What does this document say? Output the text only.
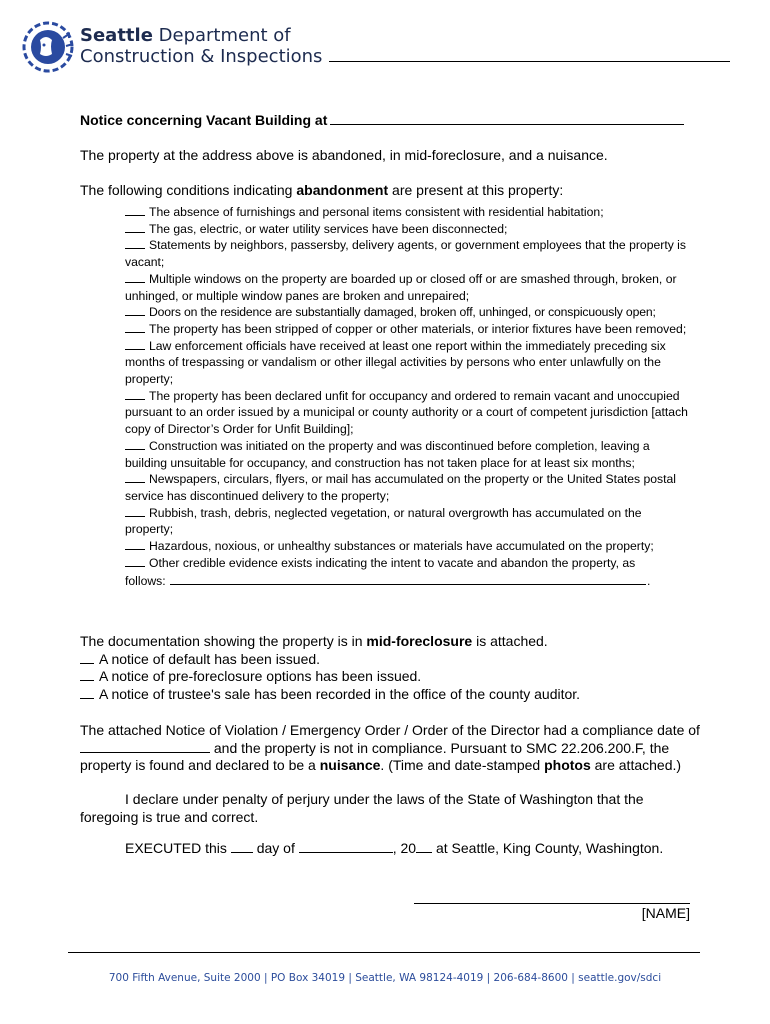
Seattle Department of
Construction & Inspections
Notice concerning Vacant Building at
The property at the address above is abandoned, in mid-foreclosure, and a nuisance.
The following conditions indicating abandonment are present at this property:

The absence of furnishings and personal items consistent with residential habitation;

The gas, electric, or water utility services have been disconnected;

Statements by neighbors, passersby, delivery agents, or government employees that the property is vacant;

Multiple windows on the property are boarded up or closed off or are smashed through, broken, or unhinged, or multiple window panes are broken and unrepaired;

Doors on the residence are substantially damaged, broken off, unhinged, or conspicuously open;

The property has been stripped of copper or other materials, or interior fixtures have been removed;

Law enforcement officials have received at least one report within the immediately preceding six months of trespassing or vandalism or other illegal activities by persons who enter unlawfully on the property;

The property has been declared unfit for occupancy and ordered to remain vacant and unoccupied pursuant to an order issued by a municipal or county authority or a court of competent jurisdiction [attach copy of Director’s Order for Unfit Building];

Construction was initiated on the property and was discontinued before completion, leaving a building unsuitable for occupancy, and construction has not taken place for at least six months;

Newspapers, circulars, flyers, or mail has accumulated on the property or the United States postal service has discontinued delivery to the property;

Rubbish, trash, debris, neglected vegetation, or natural overgrowth has accumulated on the property;

Hazardous, noxious, or unhealthy substances or materials have accumulated on the property;

Other credible evidence exists indicating the intent to vacate and abandon the property, as

follows:	.

The documentation showing the property is in mid-foreclosure is attached.
A notice of default has been issued.
A notice of pre-foreclosure options has been issued.
A notice of trustee's sale has been recorded in the office of the county auditor.
The attached Notice of Violation / Emergency Order / Order of the Director had a compliance date of  and the property is not in compliance. Pursuant to SMC 22.206.200.F, the property is found and declared to be a nuisance. (Time and date-stamped photos are attached.)
I declare under penalty of perjury under the laws of the State of Washington that the foregoing is true and correct.
EXECUTED this  day of	, 20 at Seattle, King County, Washington.
[NAME]
700 Fifth Avenue, Suite 2000 | PO Box 34019 | Seattle, WA 98124-4019 | 206-684-8600 | seattle.gov/sdci
